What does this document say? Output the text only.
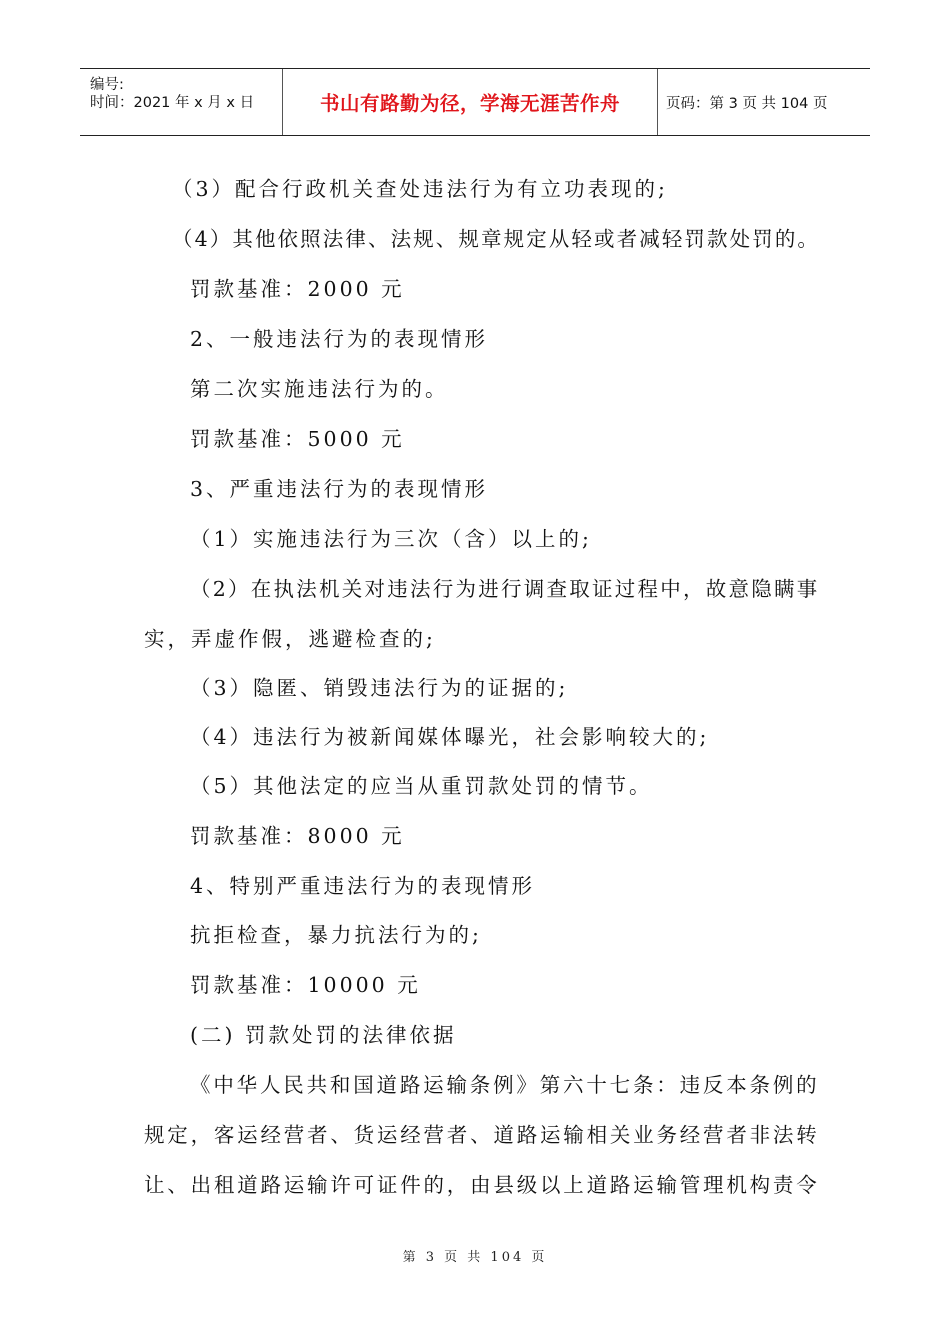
编号:
时间：2021 年 x 月 x 日	书山有路勤为径，学海无涯苦作舟	页码：第 3 页 共 104 页
（3）配合行政机关查处违法行为有立功表现的;
（4）其他依照法律、法规、规章规定从轻或者减轻罚款处罚的。
罚款基准：2000 元
2、一般违法行为的表现情形
第二次实施违法行为的。
罚款基准：5000 元
3、严重违法行为的表现情形
（1）实施违法行为三次（含）以上的;
（2）在执法机关对违法行为进行调查取证过程中，故意隐瞒事
实，弄虚作假，逃避检查的;
（3）隐匿、销毁违法行为的证据的;
（4）违法行为被新闻媒体曝光，社会影响较大的;
（5）其他法定的应当从重罚款处罚的情节。
罚款基准：8000 元
4、特别严重违法行为的表现情形
抗拒检查，暴力抗法行为的;
罚款基准：10000 元
(二) 罚款处罚的法律依据
《中华人民共和国道路运输条例》第六十七条：违反本条例的
规定，客运经营者、货运经营者、道路运输相关业务经营者非法转
让、出租道路运输许可证件的，由县级以上道路运输管理机构责令
第 3 页 共 104 页
